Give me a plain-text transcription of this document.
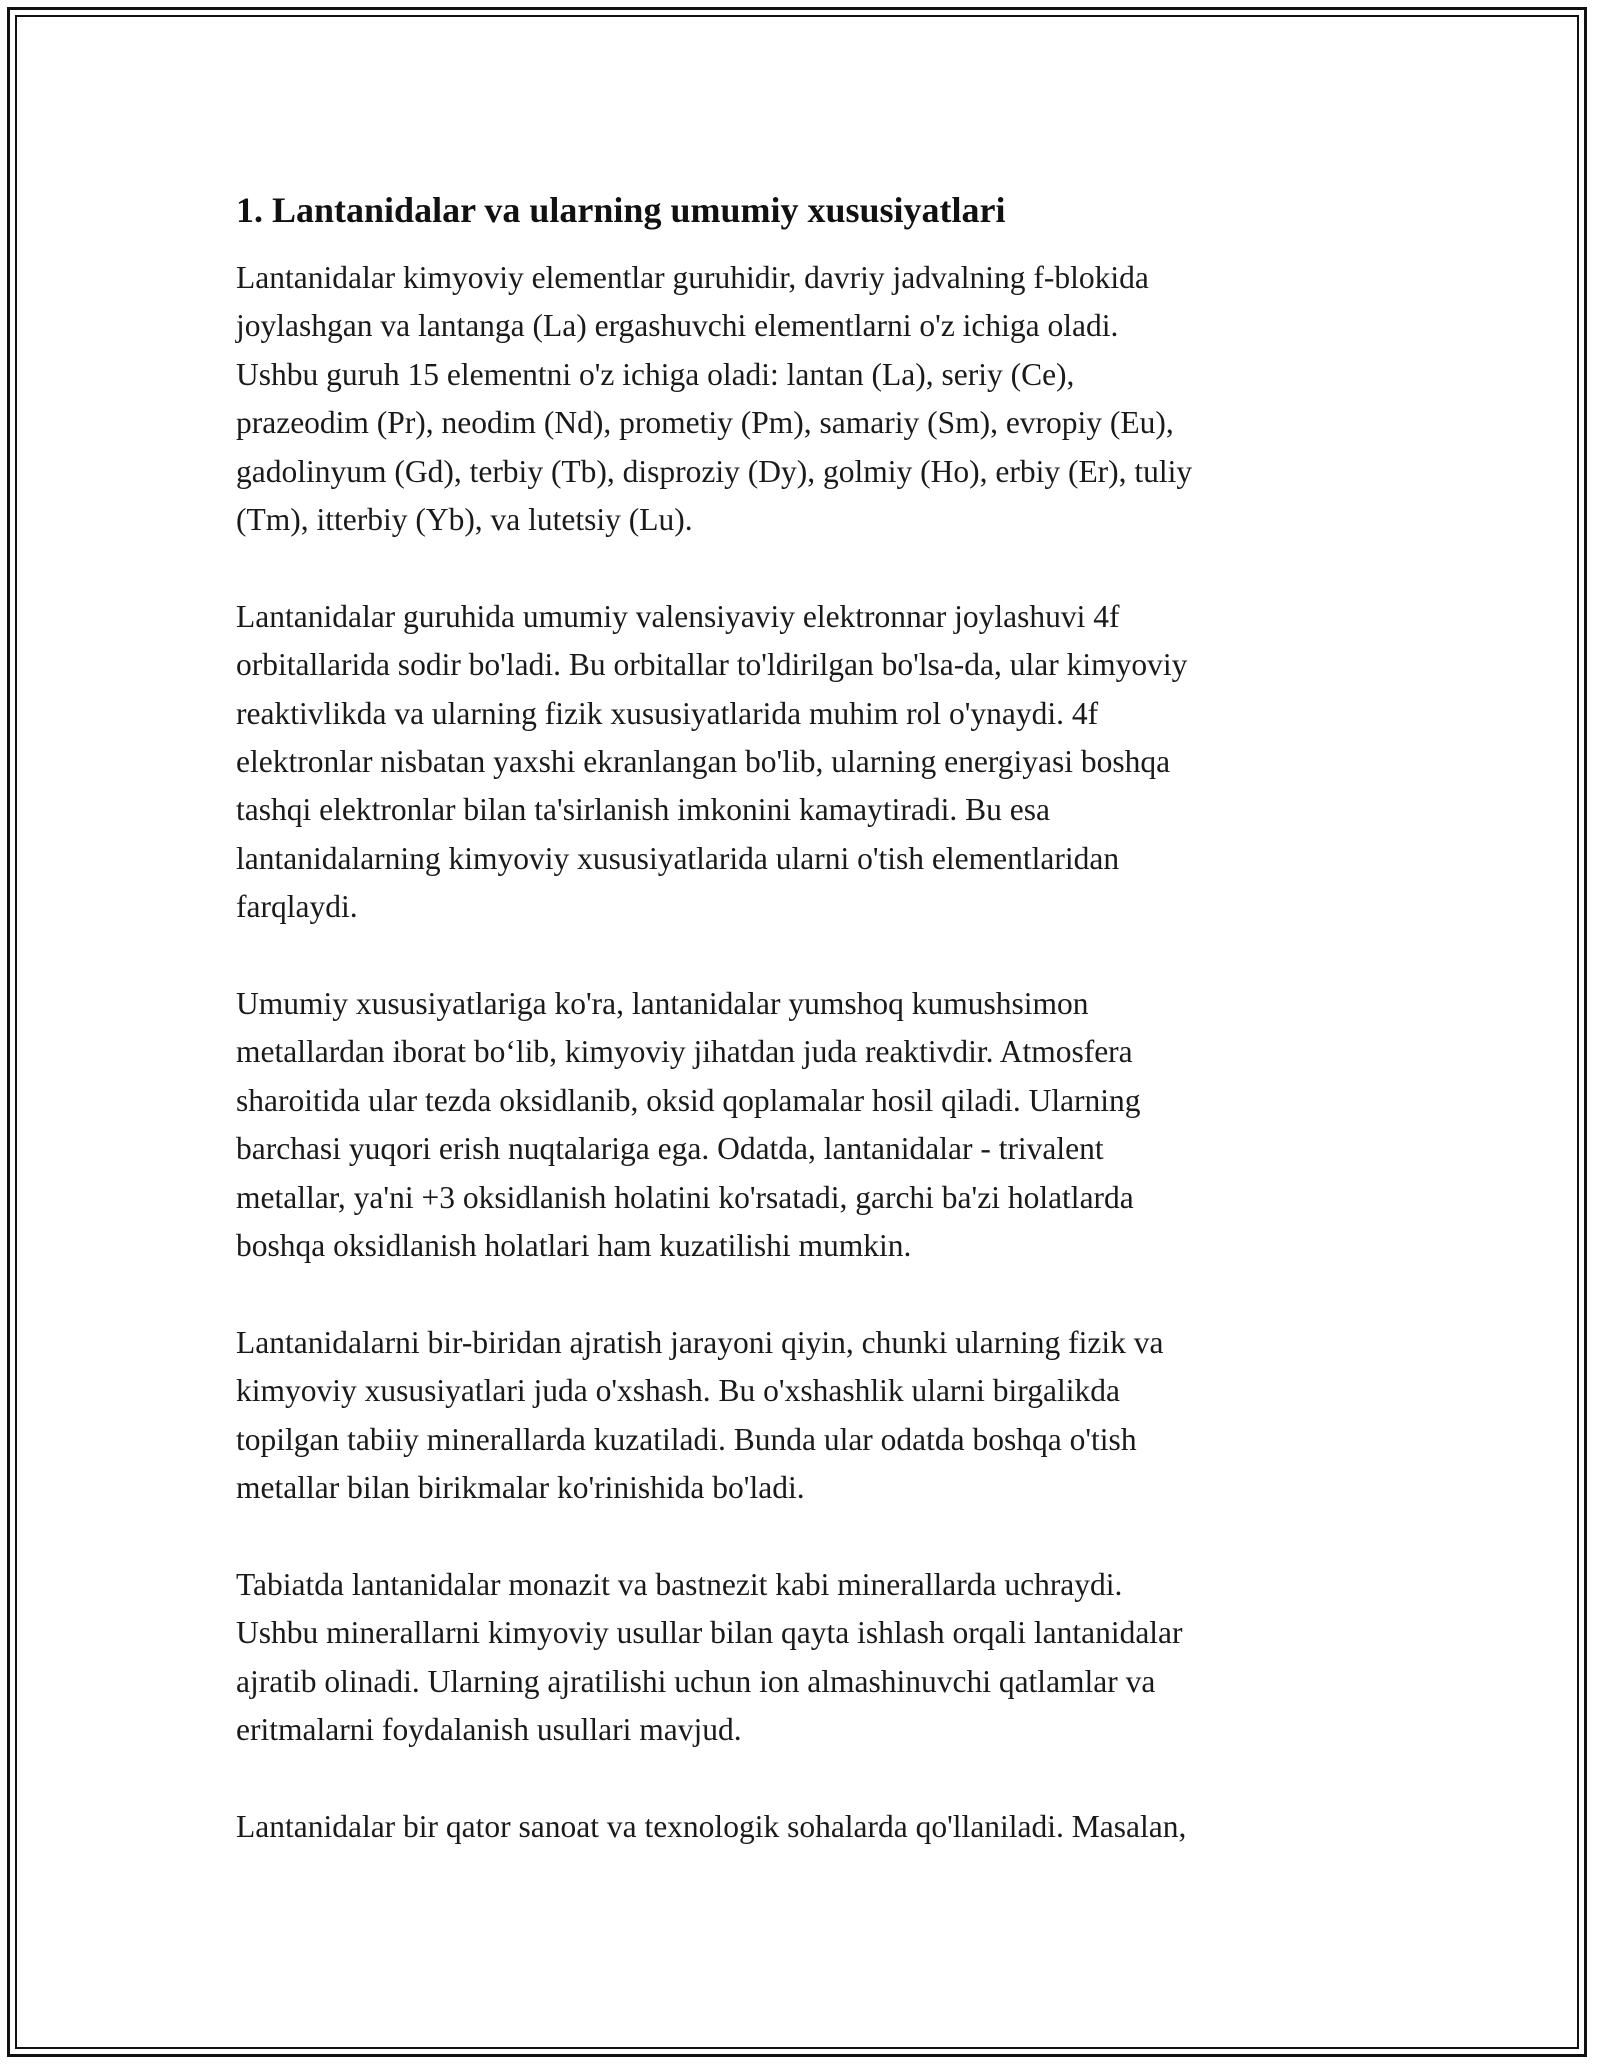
1. Lantanidalar va ularning umumiy xususiyatlari

Lantanidalar kimyoviy elementlar guruhidir, davriy jadvalning f-blokida
joylashgan va lantanga (La) ergashuvchi elementlarni o'z ichiga oladi.
Ushbu guruh 15 elementni o'z ichiga oladi: lantan (La), seriy (Ce),
prazeodim (Pr), neodim (Nd), prometiy (Pm), samariy (Sm), evropiy (Eu),
gadolinyum (Gd), terbiy (Tb), disproziy (Dy), golmiy (Ho), erbiy (Er), tuliy
(Tm), itterbiy (Yb), va lutetsiy (Lu).

Lantanidalar guruhida umumiy valensiyaviy elektronnar joylashuvi 4f
orbitallarida sodir bo'ladi. Bu orbitallar to'ldirilgan bo'lsa-da, ular kimyoviy
reaktivlikda va ularning fizik xususiyatlarida muhim rol o'ynaydi. 4f
elektronlar nisbatan yaxshi ekranlangan bo'lib, ularning energiyasi boshqa
tashqi elektronlar bilan ta'sirlanish imkonini kamaytiradi. Bu esa
lantanidalarning kimyoviy xususiyatlarida ularni o'tish elementlaridan
farqlaydi.

Umumiy xususiyatlariga ko'ra, lantanidalar yumshoq kumushsimon
metallardan iborat bo‘lib, kimyoviy jihatdan juda reaktivdir. Atmosfera
sharoitida ular tezda oksidlanib, oksid qoplamalar hosil qiladi. Ularning
barchasi yuqori erish nuqtalariga ega. Odatda, lantanidalar - trivalent
metallar, ya'ni +3 oksidlanish holatini ko'rsatadi, garchi ba'zi holatlarda
boshqa oksidlanish holatlari ham kuzatilishi mumkin.

Lantanidalarni bir-biridan ajratish jarayoni qiyin, chunki ularning fizik va
kimyoviy xususiyatlari juda o'xshash. Bu o'xshashlik ularni birgalikda
topilgan tabiiy minerallarda kuzatiladi. Bunda ular odatda boshqa o'tish
metallar bilan birikmalar ko'rinishida bo'ladi.

Tabiatda lantanidalar monazit va bastnezit kabi minerallarda uchraydi.
Ushbu minerallarni kimyoviy usullar bilan qayta ishlash orqali lantanidalar
ajratib olinadi. Ularning ajratilishi uchun ion almashinuvchi qatlamlar va
eritmalarni foydalanish usullari mavjud.

Lantanidalar bir qator sanoat va texnologik sohalarda qo'llaniladi. Masalan,
